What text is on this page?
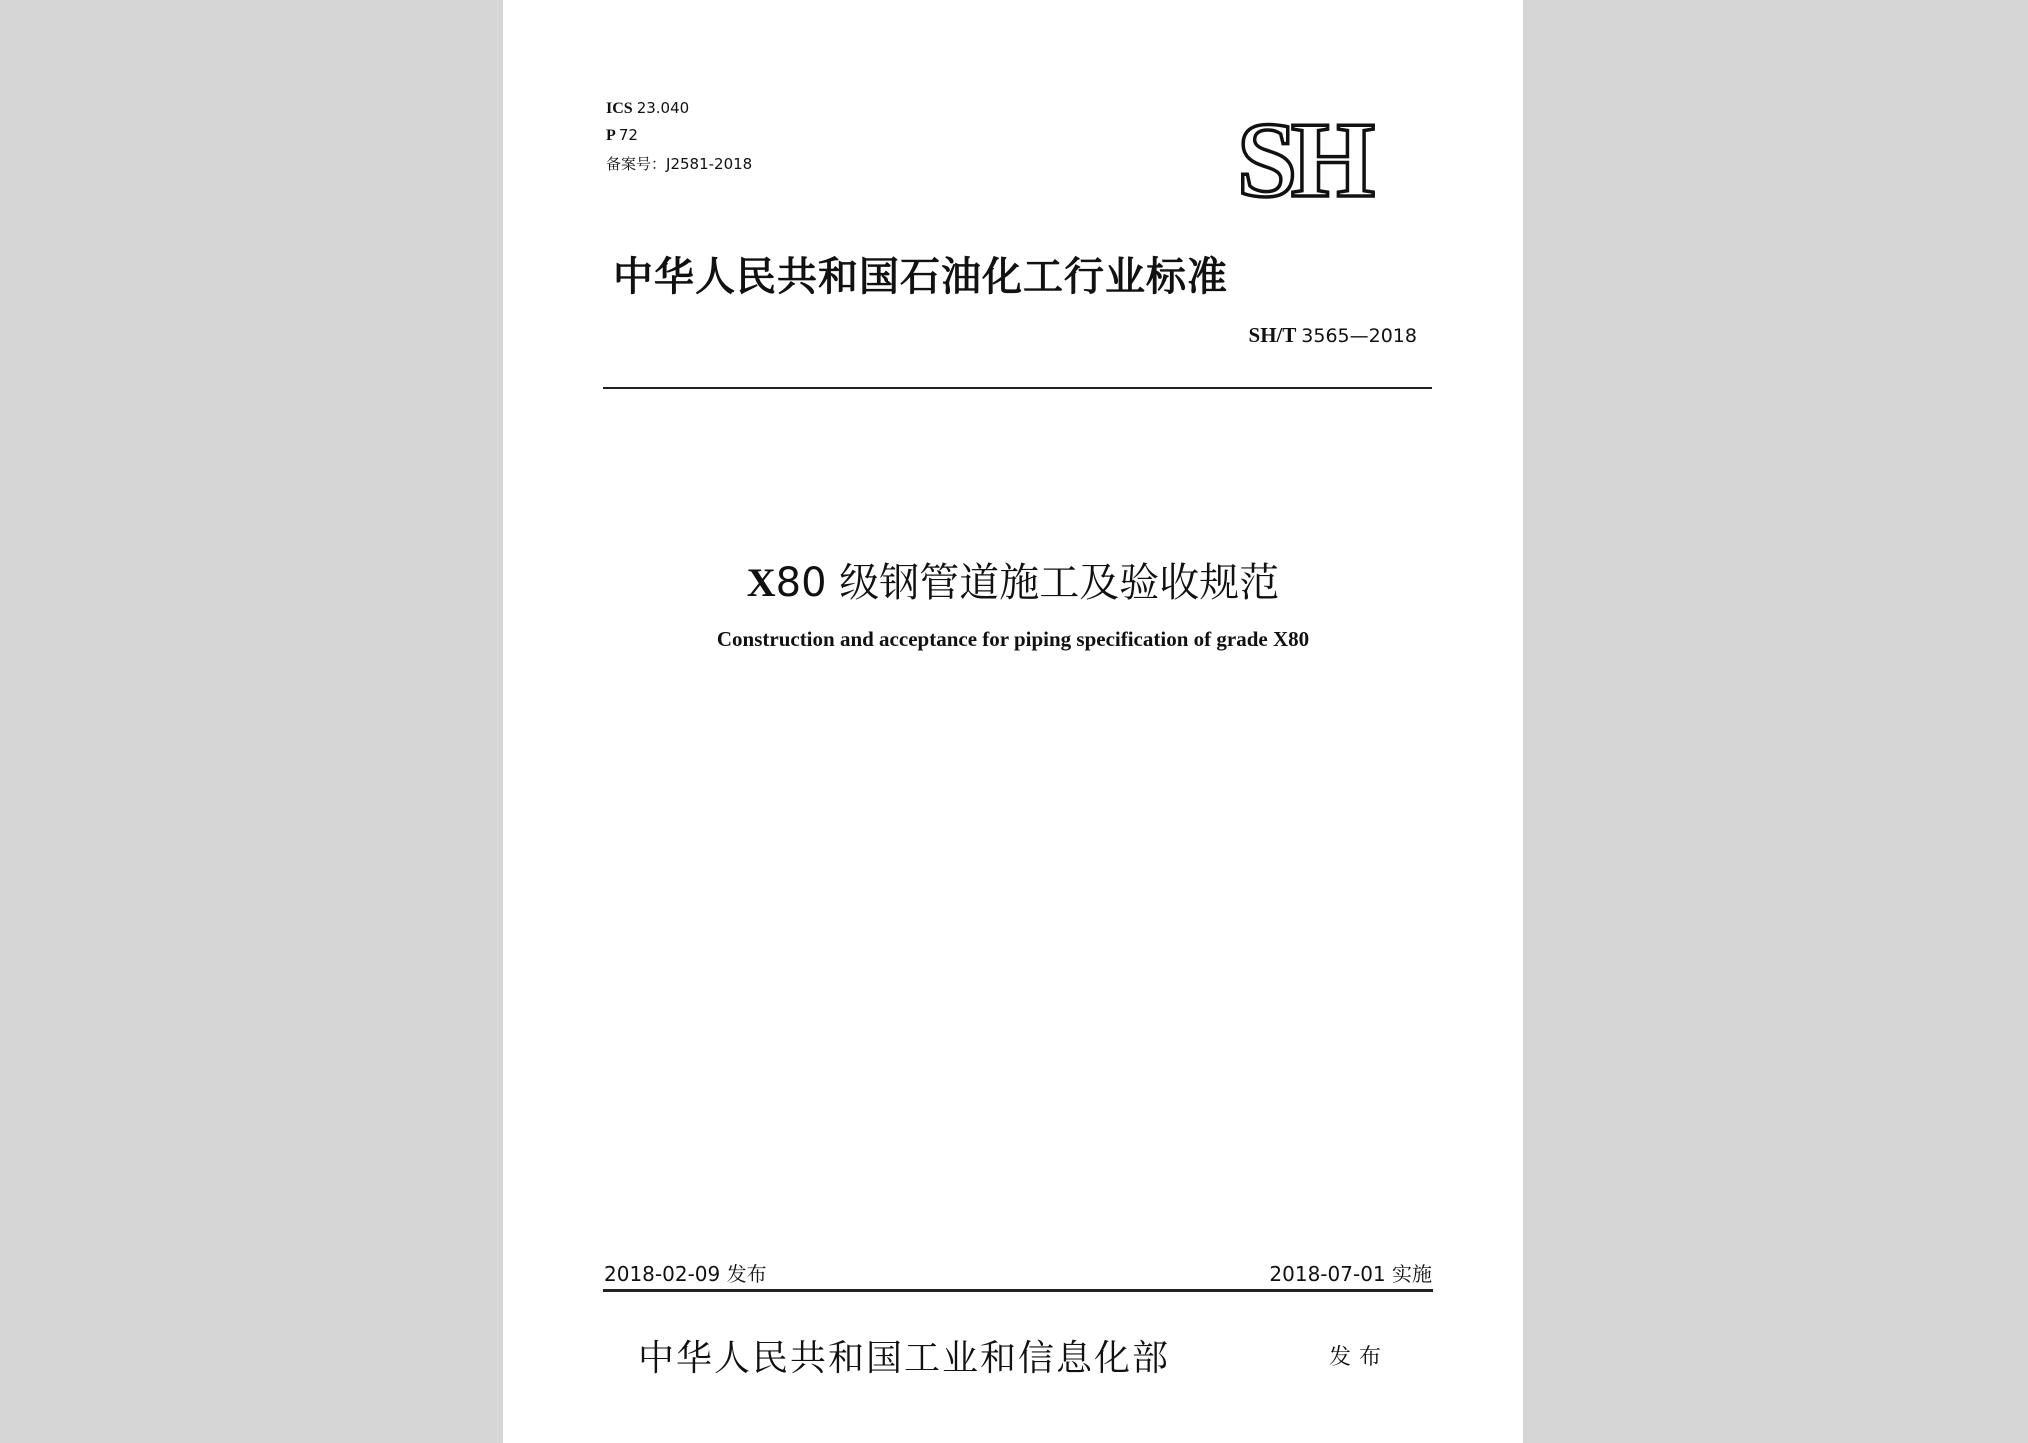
ICS 23.040
P 72
备案号：J2581-2018	SH
中华人民共和国石油化工行业标准
SH/T 3565—2018
X80 级钢管道施工及验收规范
Construction and acceptance for piping specification of grade X80
2018-02-09 发布	2018-07-01 实施
中华人民共和国工业和信息化部	发布
